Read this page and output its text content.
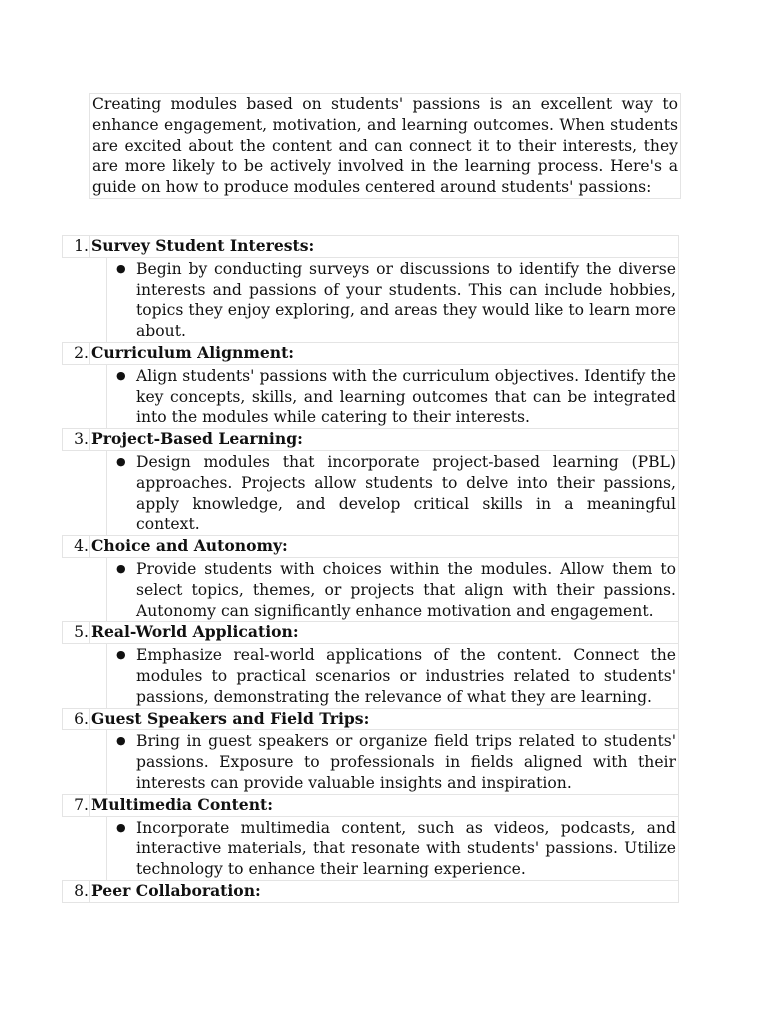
Creating modules based on students' passions is an excellent way to enhance engagement, motivation, and learning outcomes. When students are excited about the content and can connect it to their interests, they are more likely to be actively involved in the learning process. Here's a guide on how to produce modules centered around students' passions:
1. Survey Student Interests:
● Begin by conducting surveys or discussions to identify the diverse interests and passions of your students. This can include hobbies, topics they enjoy exploring, and areas they would like to learn more about.
2. Curriculum Alignment:
● Align students' passions with the curriculum objectives. Identify the key concepts, skills, and learning outcomes that can be integrated into the modules while catering to their interests.
3. Project-Based Learning:
● Design modules that incorporate project-based learning (PBL) approaches. Projects allow students to delve into their passions, apply knowledge, and develop critical skills in a meaningful context.
4. Choice and Autonomy:
● Provide students with choices within the modules. Allow them to select topics, themes, or projects that align with their passions. Autonomy can significantly enhance motivation and engagement.
5. Real-World Application:
● Emphasize real-world applications of the content. Connect the modules to practical scenarios or industries related to students' passions, demonstrating the relevance of what they are learning.
6. Guest Speakers and Field Trips:
● Bring in guest speakers or organize field trips related to students' passions. Exposure to professionals in fields aligned with their interests can provide valuable insights and inspiration.
7. Multimedia Content:
● Incorporate multimedia content, such as videos, podcasts, and interactive materials, that resonate with students' passions. Utilize technology to enhance their learning experience.
8. Peer Collaboration:
